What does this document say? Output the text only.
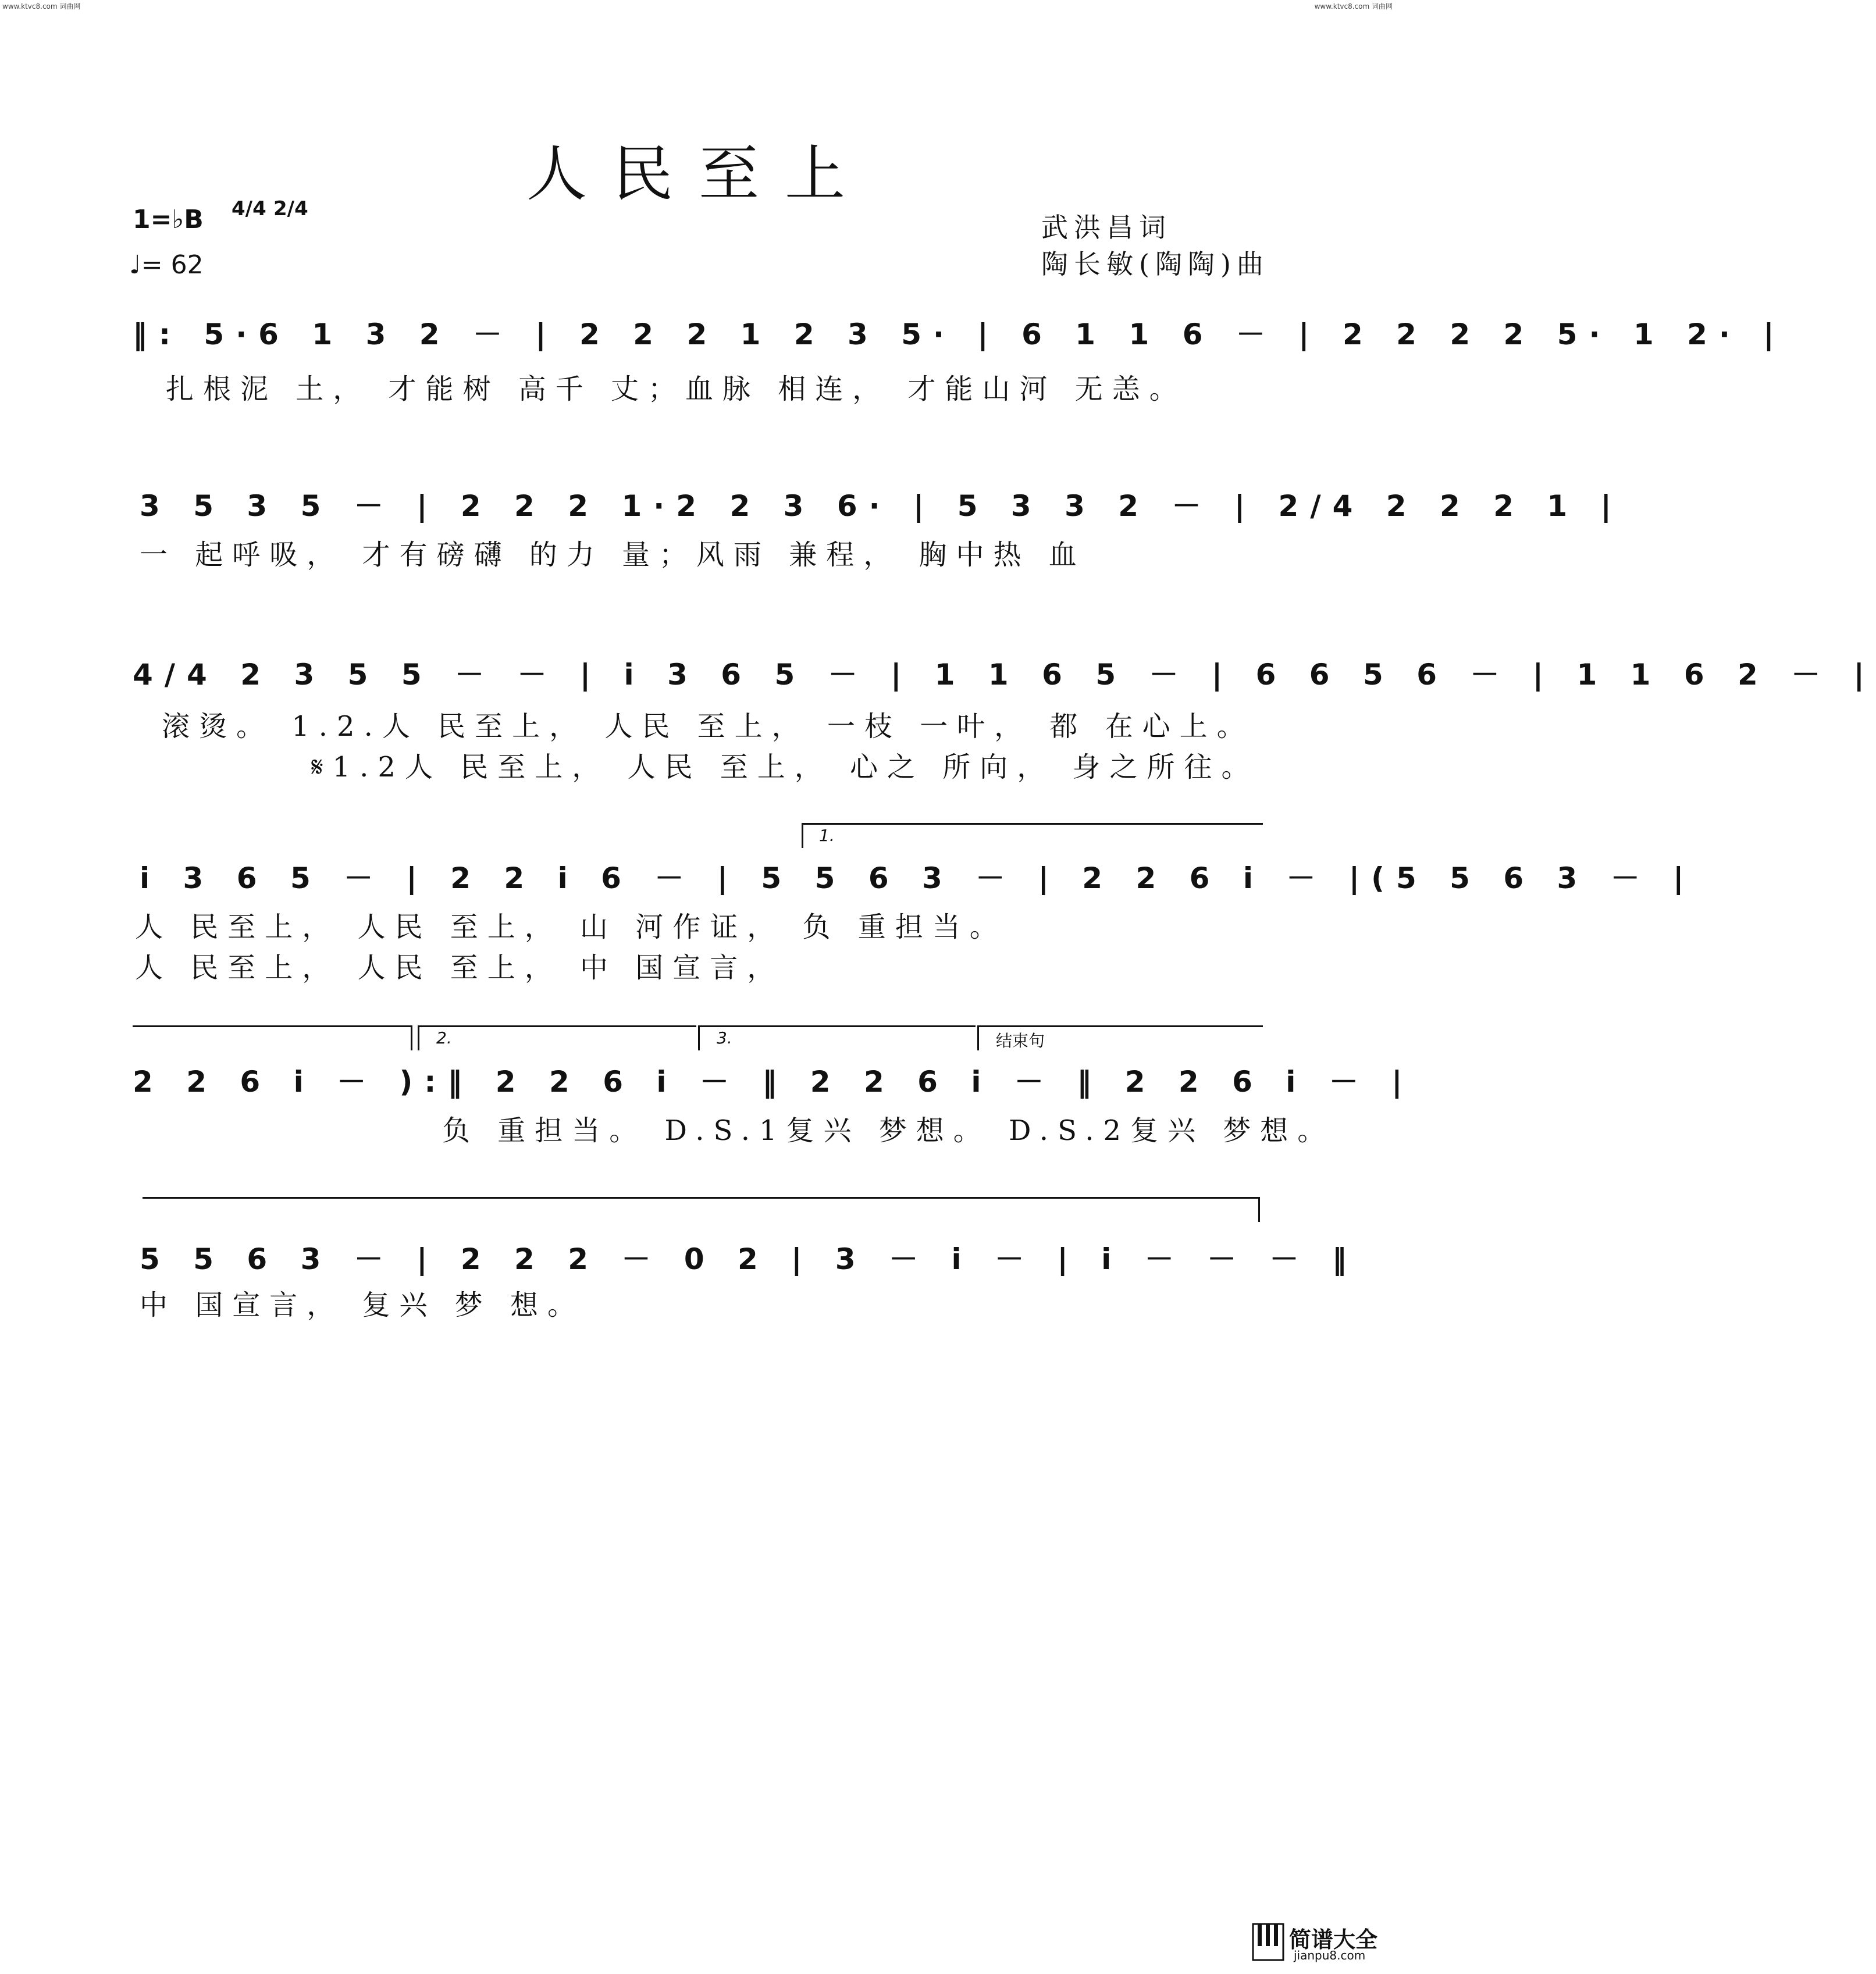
www.ktvc8.com 词曲网	www.ktvc8.com 词曲网
人民至上
1=♭B 4/4 2/4
♩= 62
武洪昌词
陶长敏(陶陶)曲
‖: 5·6 1 3 2 － | 2 2 2 1 2 3 5· | 6 1 1 6 － | 2 2 2 2 5· 1 2· |
扎根泥 土， 才能树 高千 丈；血脉 相连， 才能山河 无恙。
3 5 3 5 － | 2 2 2 1·2 2 3 6· | 5 3 3 2 － | 2/4 2 2 2 1 |
一 起呼吸， 才有磅礴 的力 量；风雨 兼程， 胸中热 血
4/4 2 3 5 5 － － | i 3 6 5 － | 1 1 6 5 － | 6 6 5 6 － | 1 1 6 2 － |
滚烫。 1.2.人 民至上， 人民 至上， 一枝 一叶， 都 在心上。
𝄋1.2人 民至上， 人民 至上， 心之 所向， 身之所往。
1.
i 3 6 5 － | 2 2 i 6 － | 5 5 6 3 － | 2 2 6 i － |(5 5 6 3 － |
人 民至上， 人民 至上， 山 河作证， 负 重担当。
人 民至上， 人民 至上， 中 国宣言，
2.	3.	结束句
2 2 6 i － ):‖ 2 2 6 i － ‖ 2 2 6 i － ‖ 2 2 6 i － |
负 重担当。 D.S.1复兴 梦想。 D.S.2复兴 梦想。
5 5 6 3 － | 2 2 2 － 0 2 | 3 － i － | i － － － ‖
中 国宣言， 复兴 梦 想。
简谱大全
jianpu8.com
